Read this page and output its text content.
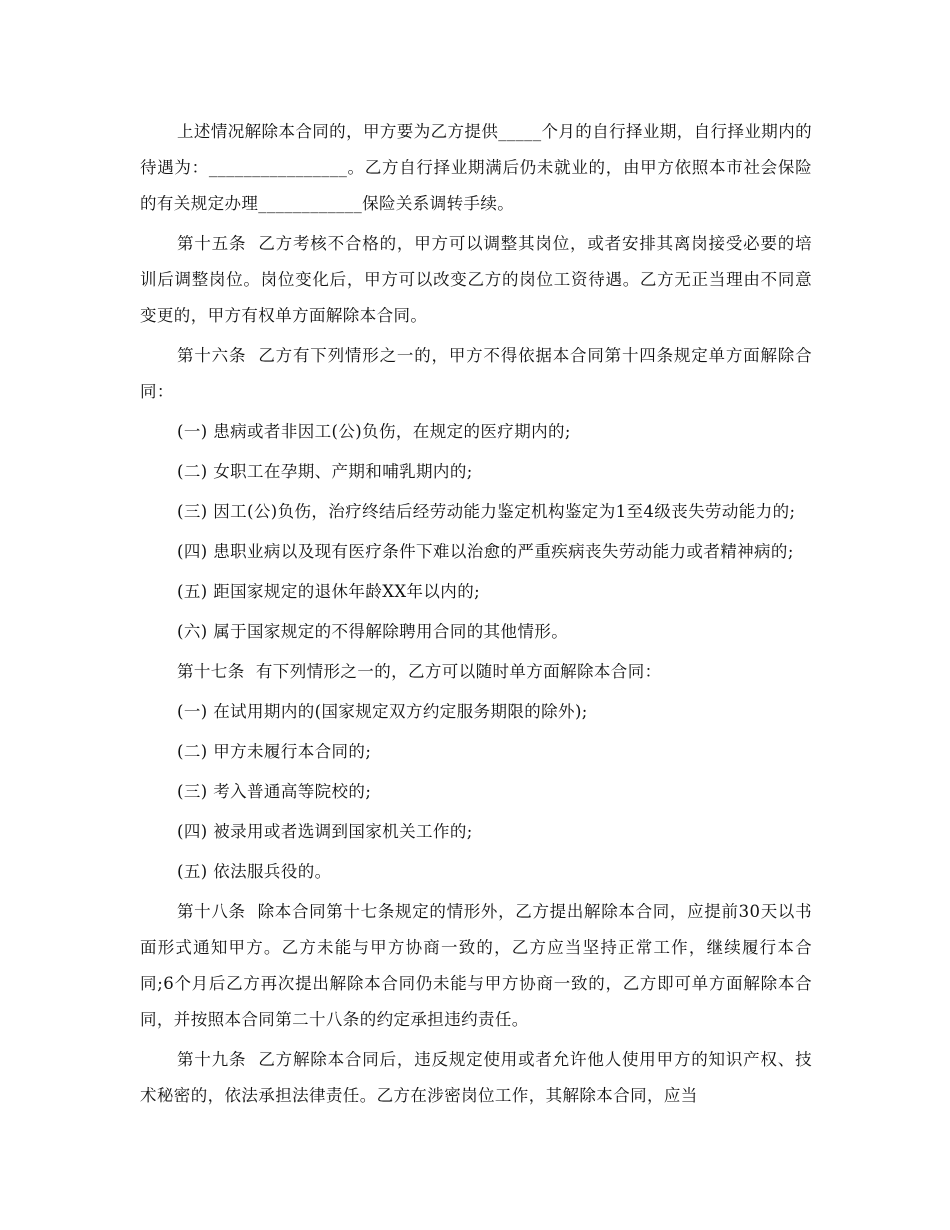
上述情况解除本合同的，甲方要为乙方提供_____个月的自行择业期，自行择业期内的待遇为：________________。乙方自行择业期满后仍未就业的，由甲方依照本市社会保险的有关规定办理____________保险关系调转手续。

第十五条  乙方考核不合格的，甲方可以调整其岗位，或者安排其离岗接受必要的培训后调整岗位。岗位变化后，甲方可以改变乙方的岗位工资待遇。乙方无正当理由不同意变更的，甲方有权单方面解除本合同。

第十六条  乙方有下列情形之一的，甲方不得依据本合同第十四条规定单方面解除合同：

(一) 患病或者非因工(公)负伤，在规定的医疗期内的;

(二) 女职工在孕期、产期和哺乳期内的;

(三) 因工(公)负伤，治疗终结后经劳动能力鉴定机构鉴定为1至4级丧失劳动能力的;

(四) 患职业病以及现有医疗条件下难以治愈的严重疾病丧失劳动能力或者精神病的;

(五) 距国家规定的退休年龄XX年以内的;

(六) 属于国家规定的不得解除聘用合同的其他情形。

第十七条  有下列情形之一的，乙方可以随时单方面解除本合同：

(一) 在试用期内的(国家规定双方约定服务期限的除外);

(二) 甲方未履行本合同的;

(三) 考入普通高等院校的;

(四) 被录用或者选调到国家机关工作的;

(五) 依法服兵役的。

第十八条  除本合同第十七条规定的情形外，乙方提出解除本合同，应提前30天以书面形式通知甲方。乙方未能与甲方协商一致的，乙方应当坚持正常工作，继续履行本合同;6个月后乙方再次提出解除本合同仍未能与甲方协商一致的，乙方即可单方面解除本合同，并按照本合同第二十八条的约定承担违约责任。

第十九条  乙方解除本合同后，违反规定使用或者允许他人使用甲方的知识产权、技术秘密的，依法承担法律责任。乙方在涉密岗位工作，其解除本合同，应当
